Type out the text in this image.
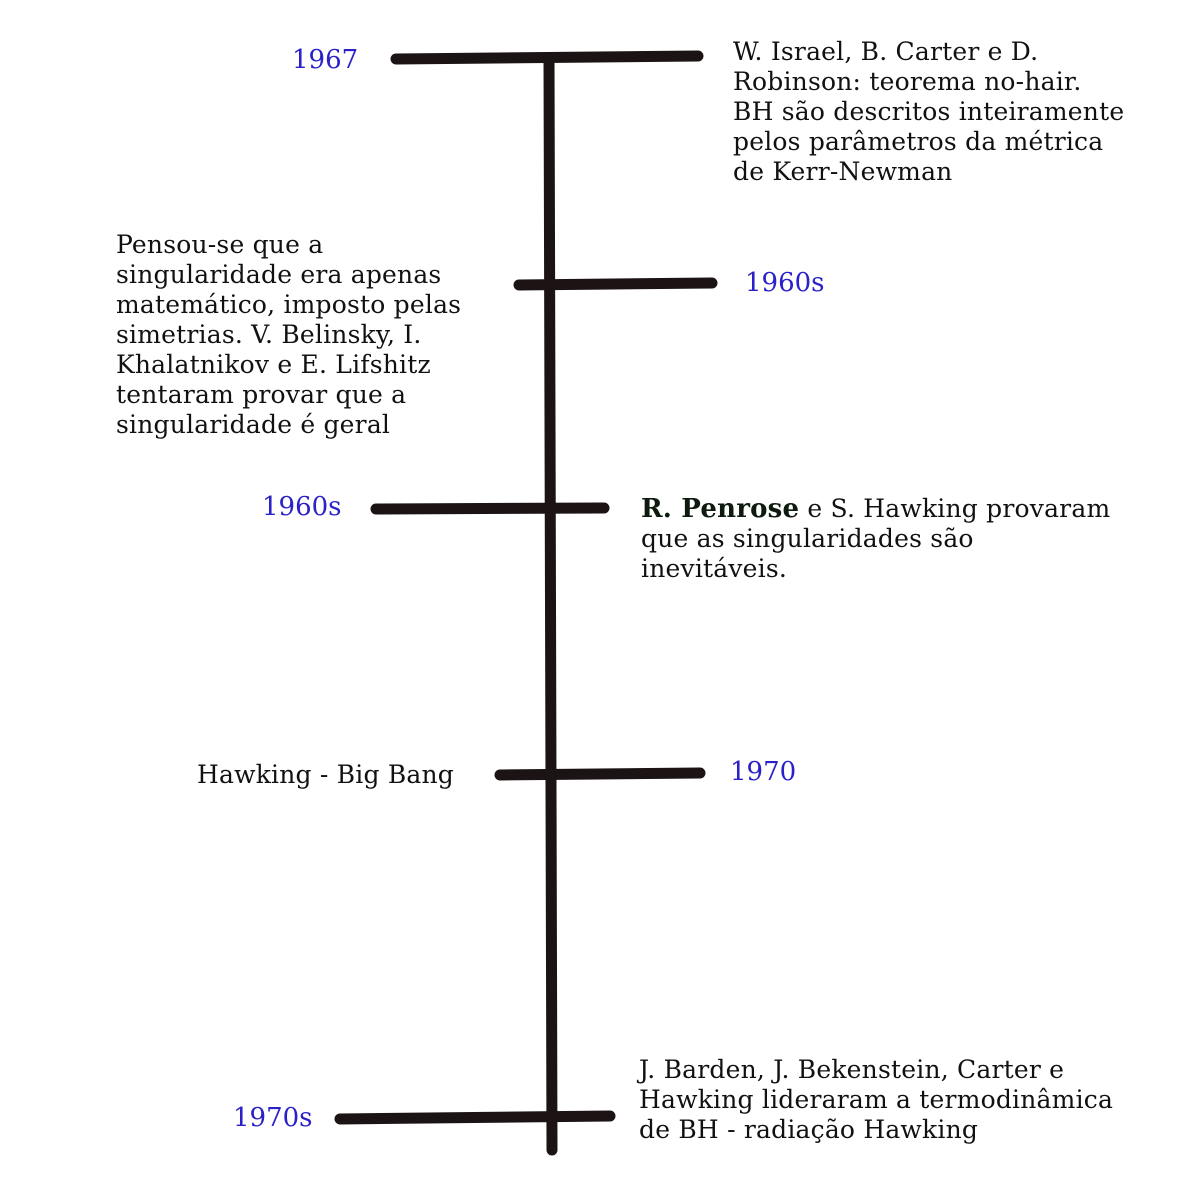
1967	W. Israel, B. Carter e D.
Robinson: teorema no-hair.
BH são descritos inteiramente
pelos parâmetros da métrica
de Kerr-Newman
Pensou-se que a
singularidade era apenas
matemático, imposto pelas
simetrias. V. Belinsky, I.
Khalatnikov e E. Lifshitz
tentaram provar que a
singularidade é geral
1960s
1960s	R. Penrose e S. Hawking provaram
que as singularidades são
inevitáveis.
Hawking - Big Bang	1970
1970s
J. Barden, J. Bekenstein, Carter e
Hawking lideraram a termodinâmica
de BH - radiação Hawking
